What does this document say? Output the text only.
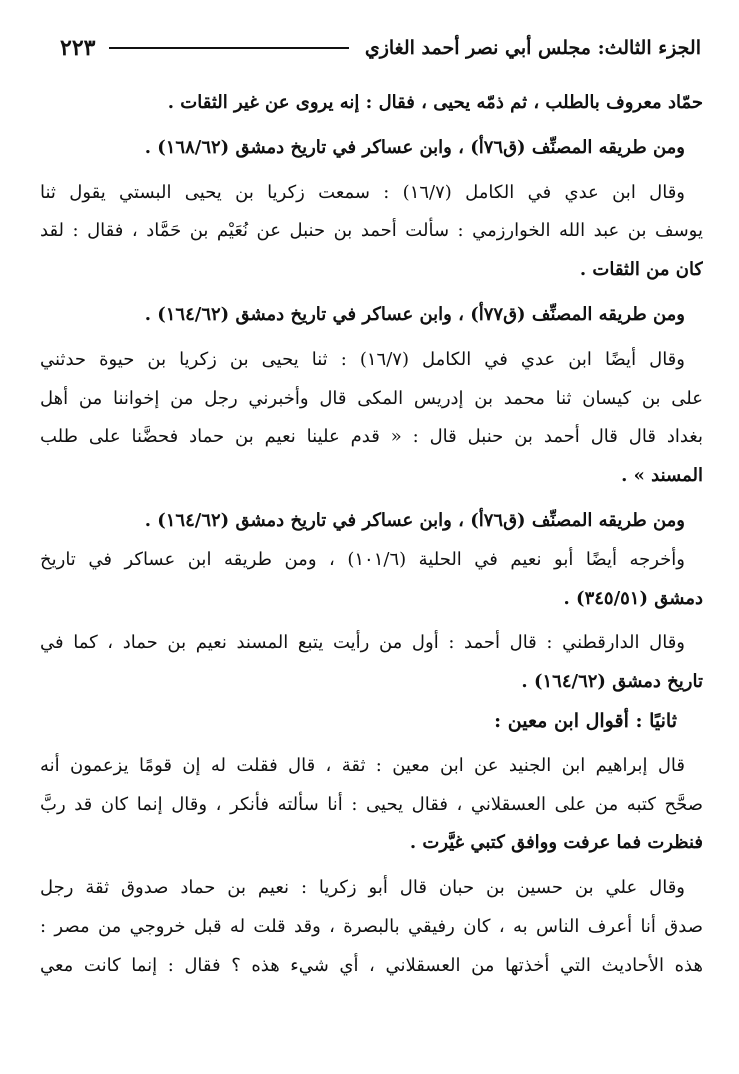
الجزء الثالث: مجلس أبي نصر أحمد الغازي
٢٢٣
حمّاد معروف بالطلب ، ثم ذمّه يحيى ، فقال : إنه يروى عن غير الثقات .
ومن طريقه المصنِّف (ق٧٦أ) ، وابن عساكر في تاريخ دمشق (١٦٨/٦٢) .
وقال ابن عدي في الكامل (١٦/٧) : سمعت زكريا بن يحيى البستي يقول ثنا
يوسف بن عبد الله الخوارزمي : سألت أحمد بن حنبل عن نُعَيْم بن حَمَّاد ، فقال : لقد
كان من الثقات .
ومن طريقه المصنِّف (ق٧٧أ) ، وابن عساكر في تاريخ دمشق (١٦٤/٦٢) .
وقال أيضًا ابن عدي في الكامل (١٦/٧) : ثنا يحيى بن زكريا بن حيوة حدثني
على بن كيسان ثنا محمد بن إدريس المكى قال وأخبرني رجل من إخواننا من أهل
بغداد قال قال أحمد بن حنبل قال : « قدم علينا نعيم بن حماد فحضَّنا على طلب
المسند » .
ومن طريقه المصنِّف (ق٧٦أ) ، وابن عساكر في تاريخ دمشق (١٦٤/٦٢) .
وأخرجه أيضًا أبو نعيم في الحلية (١٠١/٦) ، ومن طريقه ابن عساكر في تاريخ
دمشق (٣٤٥/٥١) .
وقال الدارقطني : قال أحمد : أول من رأيت يتبع المسند نعيم بن حماد ، كما في
تاريخ دمشق (١٦٤/٦٢) .
ثانيًا : أقوال ابن معين :
قال إبراهيم ابن الجنيد عن ابن معين : ثقة ، قال فقلت له إن قومًا يزعمون أنه
صحَّح كتبه من على العسقلاني ، فقال يحيى : أنا سألته فأنكر ، وقال إنما كان قد ربَّ
فنظرت فما عرفت ووافق كتبي غيَّرت .
وقال علي بن حسين بن حبان قال أبو زكريا : نعيم بن حماد صدوق ثقة رجل
صدق أنا أعرف الناس به ، كان رفيقي بالبصرة ، وقد قلت له قبل خروجي من مصر :
هذه الأحاديث التي أخذتها من العسقلاني ، أي شيء هذه ؟ فقال : إنما كانت معي
